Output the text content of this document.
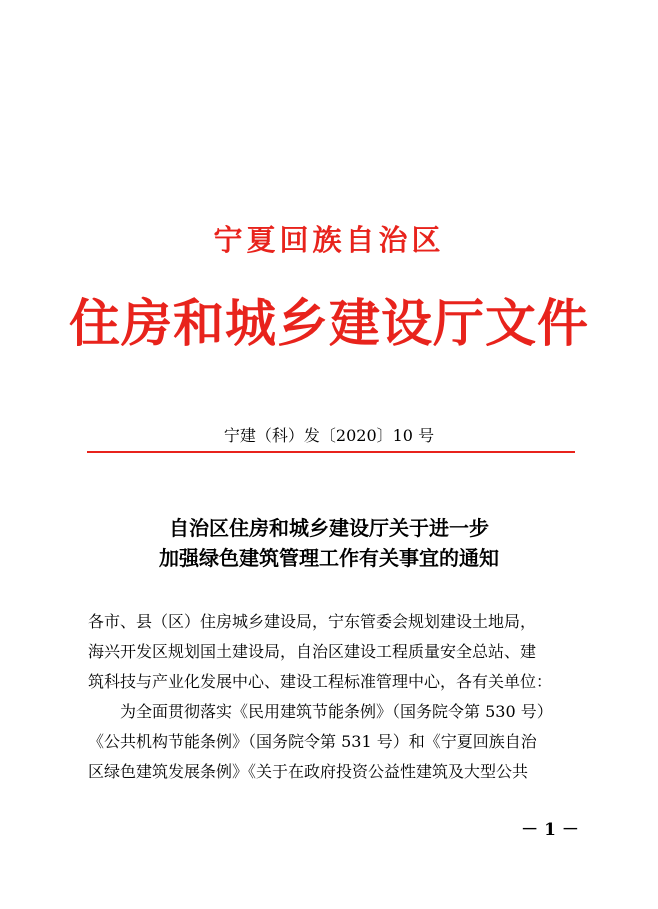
宁夏回族自治区
住房和城乡建设厅文件
宁建（科）发〔2020〕10 号
自治区住房和城乡建设厅关于进一步
加强绿色建筑管理工作有关事宜的通知
各市、县（区）住房城乡建设局，宁东管委会规划建设土地局，
海兴开发区规划国土建设局，自治区建设工程质量安全总站、建
筑科技与产业化发展中心、建设工程标准管理中心，各有关单位：
为全面贯彻落实《民用建筑节能条例》（国务院令第 530 号）
《公共机构节能条例》（国务院令第 531 号）和《宁夏回族自治
区绿色建筑发展条例》《关于在政府投资公益性建筑及大型公共
－ 1 －
